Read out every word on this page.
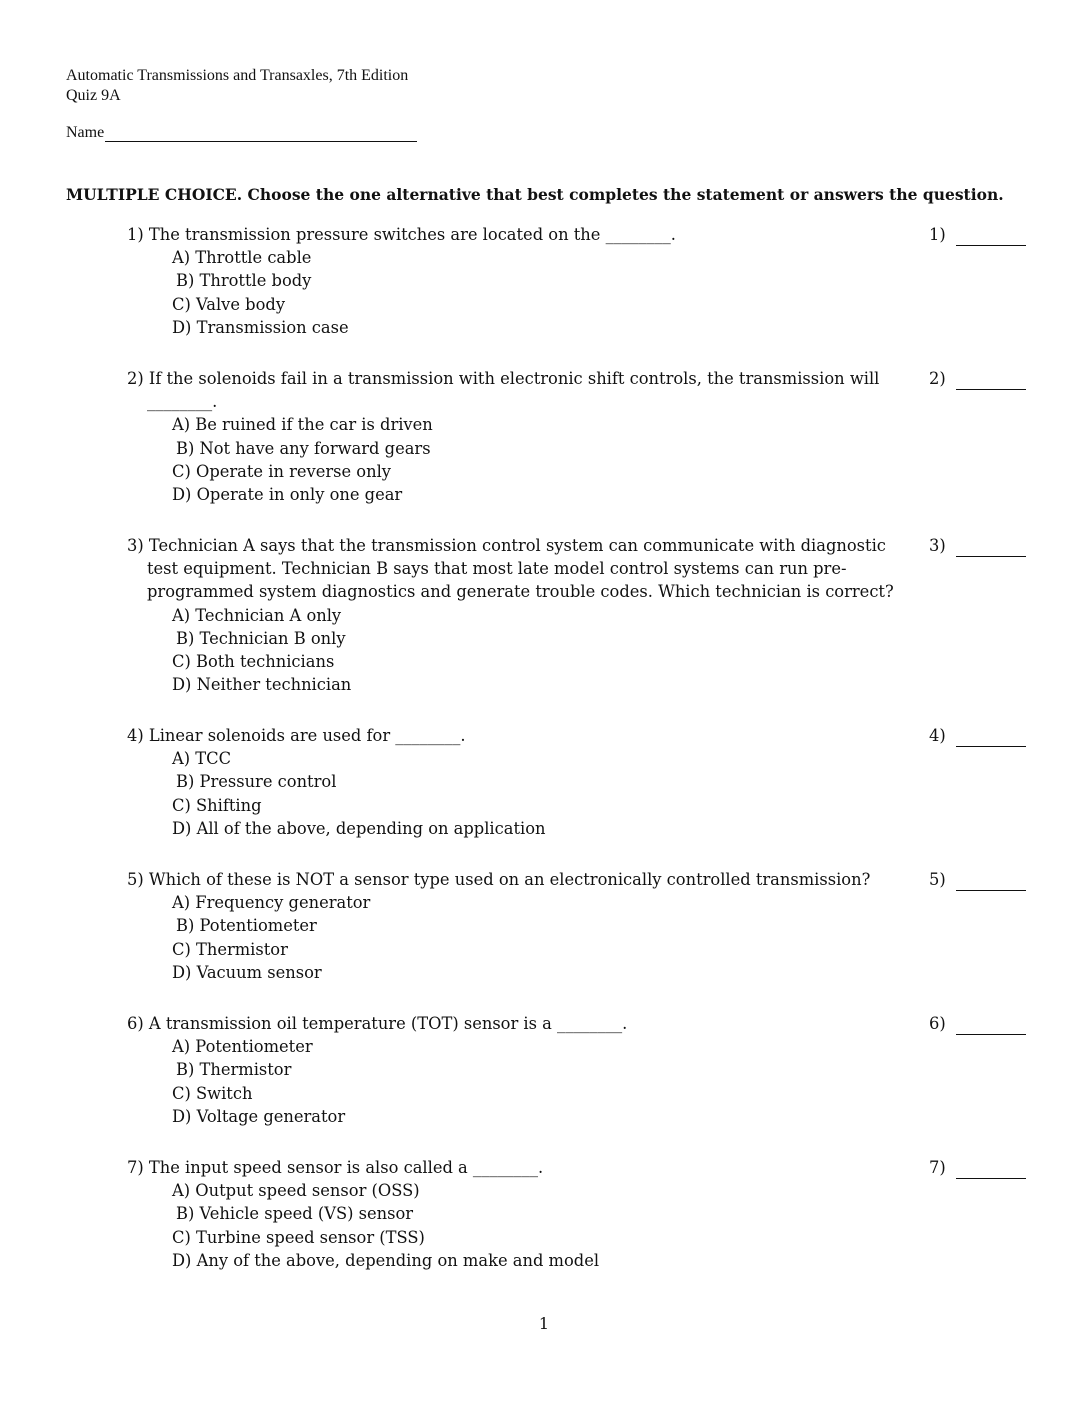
Automatic Transmissions and Transaxles, 7th Edition
Quiz 9A
Name
MULTIPLE CHOICE. Choose the one alternative that best completes the statement or answers the question.
1) The transmission pressure switches are located on the ________.
A) Throttle cable
B) Throttle body
C) Valve body
D) Transmission case
1)
2) If the solenoids fail in a transmission with electronic shift controls, the transmission will ________.
A) Be ruined if the car is driven
B) Not have any forward gears
C) Operate in reverse only
D) Operate in only one gear
2)
3) Technician A says that the transmission control system can communicate with diagnostic test equipment. Technician B says that most late model control systems can run pre-programmed system diagnostics and generate trouble codes. Which technician is correct?
A) Technician A only
B) Technician B only
C) Both technicians
D) Neither technician
3)
4) Linear solenoids are used for ________.
A) TCC
B) Pressure control
C) Shifting
D) All of the above, depending on application
4)
5) Which of these is NOT a sensor type used on an electronically controlled transmission?
A) Frequency generator
B) Potentiometer
C) Thermistor
D) Vacuum sensor
5)
6) A transmission oil temperature (TOT) sensor is a ________.
A) Potentiometer
B) Thermistor
C) Switch
D) Voltage generator
6)
7) The input speed sensor is also called a ________.
A) Output speed sensor (OSS)
B) Vehicle speed (VS) sensor
C) Turbine speed sensor (TSS)
D) Any of the above, depending on make and model
7)
1
